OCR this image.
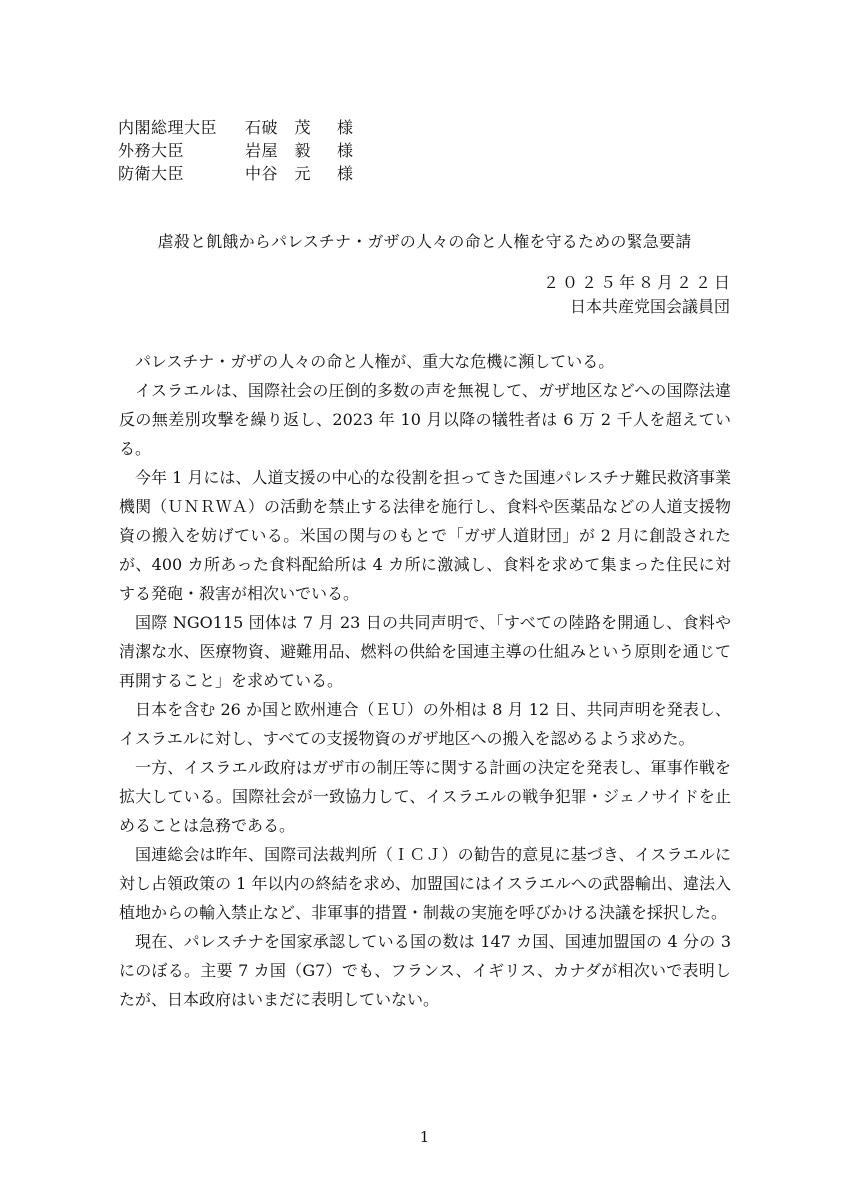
内閣総理大臣	石破　茂	様
外務大臣	岩屋　毅	様
防衛大臣	中谷　元	様
虐殺と飢餓からパレスチナ・ガザの人々の命と人権を守るための緊急要請
２０２５年８月２２日
日本共産党国会議員団

パレスチナ・ガザの人々の命と人権が、重大な危機に瀕している。

イスラエルは、国際社会の圧倒的多数の声を無視して、ガザ地区などへの国際法違反の無差別攻撃を繰り返し、2023 年 10 月以降の犠牲者は 6 万 2 千人を超えている。

今年 1 月には、人道支援の中心的な役割を担ってきた国連パレスチナ難民救済事業機関（ＵＮＲＷＡ）の活動を禁止する法律を施行し、食料や医薬品などの人道支援物資の搬入を妨げている。米国の関与のもとで「ガザ人道財団」が 2 月に創設されたが、400 カ所あった食料配給所は 4 カ所に激減し、食料を求めて集まった住民に対する発砲・殺害が相次いでいる。

国際 NGO115 団体は 7 月 23 日の共同声明で、「すべての陸路を開通し、食料や清潔な水、医療物資、避難用品、燃料の供給を国連主導の仕組みという原則を通じて再開すること」を求めている。

日本を含む 26 か国と欧州連合（ＥＵ）の外相は 8 月 12 日、共同声明を発表し、イスラエルに対し、すべての支援物資のガザ地区への搬入を認めるよう求めた。

一方、イスラエル政府はガザ市の制圧等に関する計画の決定を発表し、軍事作戦を拡大している。国際社会が一致協力して、イスラエルの戦争犯罪・ジェノサイドを止めることは急務である。

国連総会は昨年、国際司法裁判所（ＩＣＪ）の勧告的意見に基づき、イスラエルに対し占領政策の 1 年以内の終結を求め、加盟国にはイスラエルへの武器輸出、違法入植地からの輸入禁止など、非軍事的措置・制裁の実施を呼びかける決議を採択した。

現在、パレスチナを国家承認している国の数は 147 カ国、国連加盟国の 4 分の 3 にのぼる。主要 7 カ国（G7）でも、フランス、イギリス、カナダが相次いで表明したが、日本政府はいまだに表明していない。

1
